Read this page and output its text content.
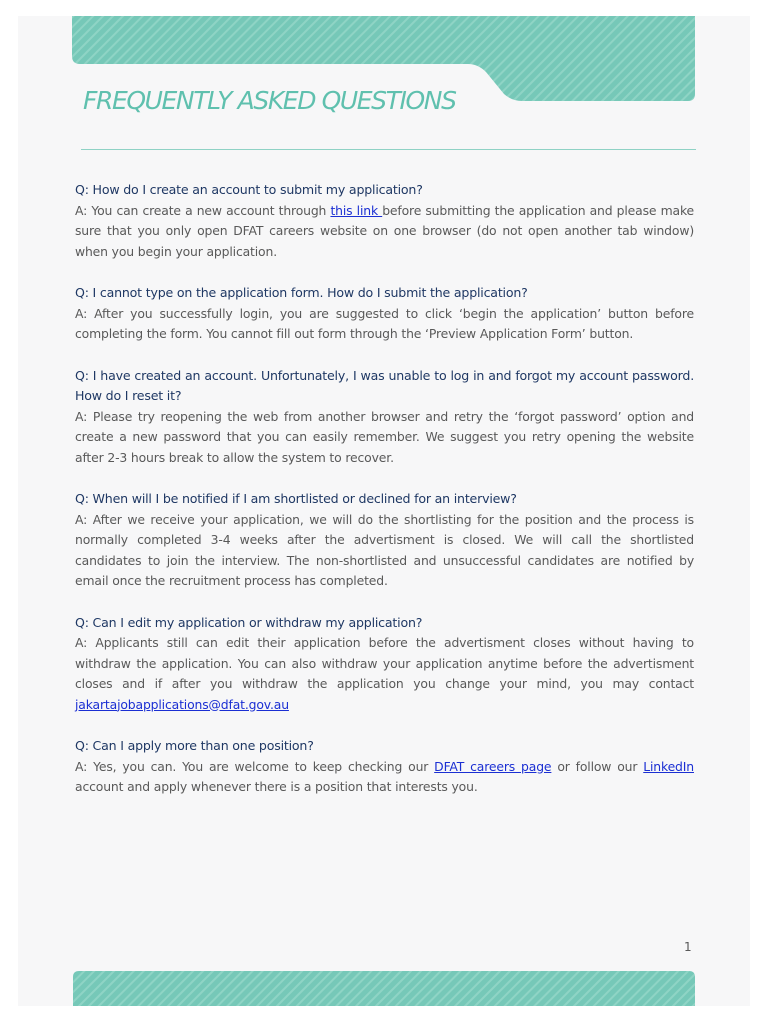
FREQUENTLY ASKED QUESTIONS

Q: How do I create an account to submit my application?

A: You can create a new account through this link before submitting the application and please make sure that you only open DFAT careers website on one browser (do not open another tab window) when you begin your application.

Q: I cannot type on the application form. How do I submit the application?

A: After you successfully login, you are suggested to click ‘begin the application’ button before completing the form. You cannot fill out form through the ‘Preview Application Form’ button.

Q: I have created an account. Unfortunately, I was unable to log in and forgot my account password. How do I reset it?

A: Please try reopening the web from another browser and retry the ‘forgot password’ option and create a new password that you can easily remember. We suggest you retry opening the website after 2-3 hours break to allow the system to recover.

Q: When will I be notified if I am shortlisted or declined for an interview?

A: After we receive your application, we will do the shortlisting for the position and the process is normally completed 3-4 weeks after the advertisment is closed. We will call the shortlisted candidates to join the interview. The non-shortlisted and unsuccessful candidates are notified by email once the recruitment process has completed.

Q: Can I edit my application or withdraw my application?

A: Applicants still can edit their application before the advertisment closes without having to withdraw the application. You can also withdraw your application anytime before the advertisment closes and if after you withdraw the application you change your mind, you may contact jakartajobapplications@dfat.gov.au

Q: Can I apply more than one position?

A: Yes, you can. You are welcome to keep checking our DFAT careers page or follow our LinkedIn account and apply whenever there is a position that interests you.

1
